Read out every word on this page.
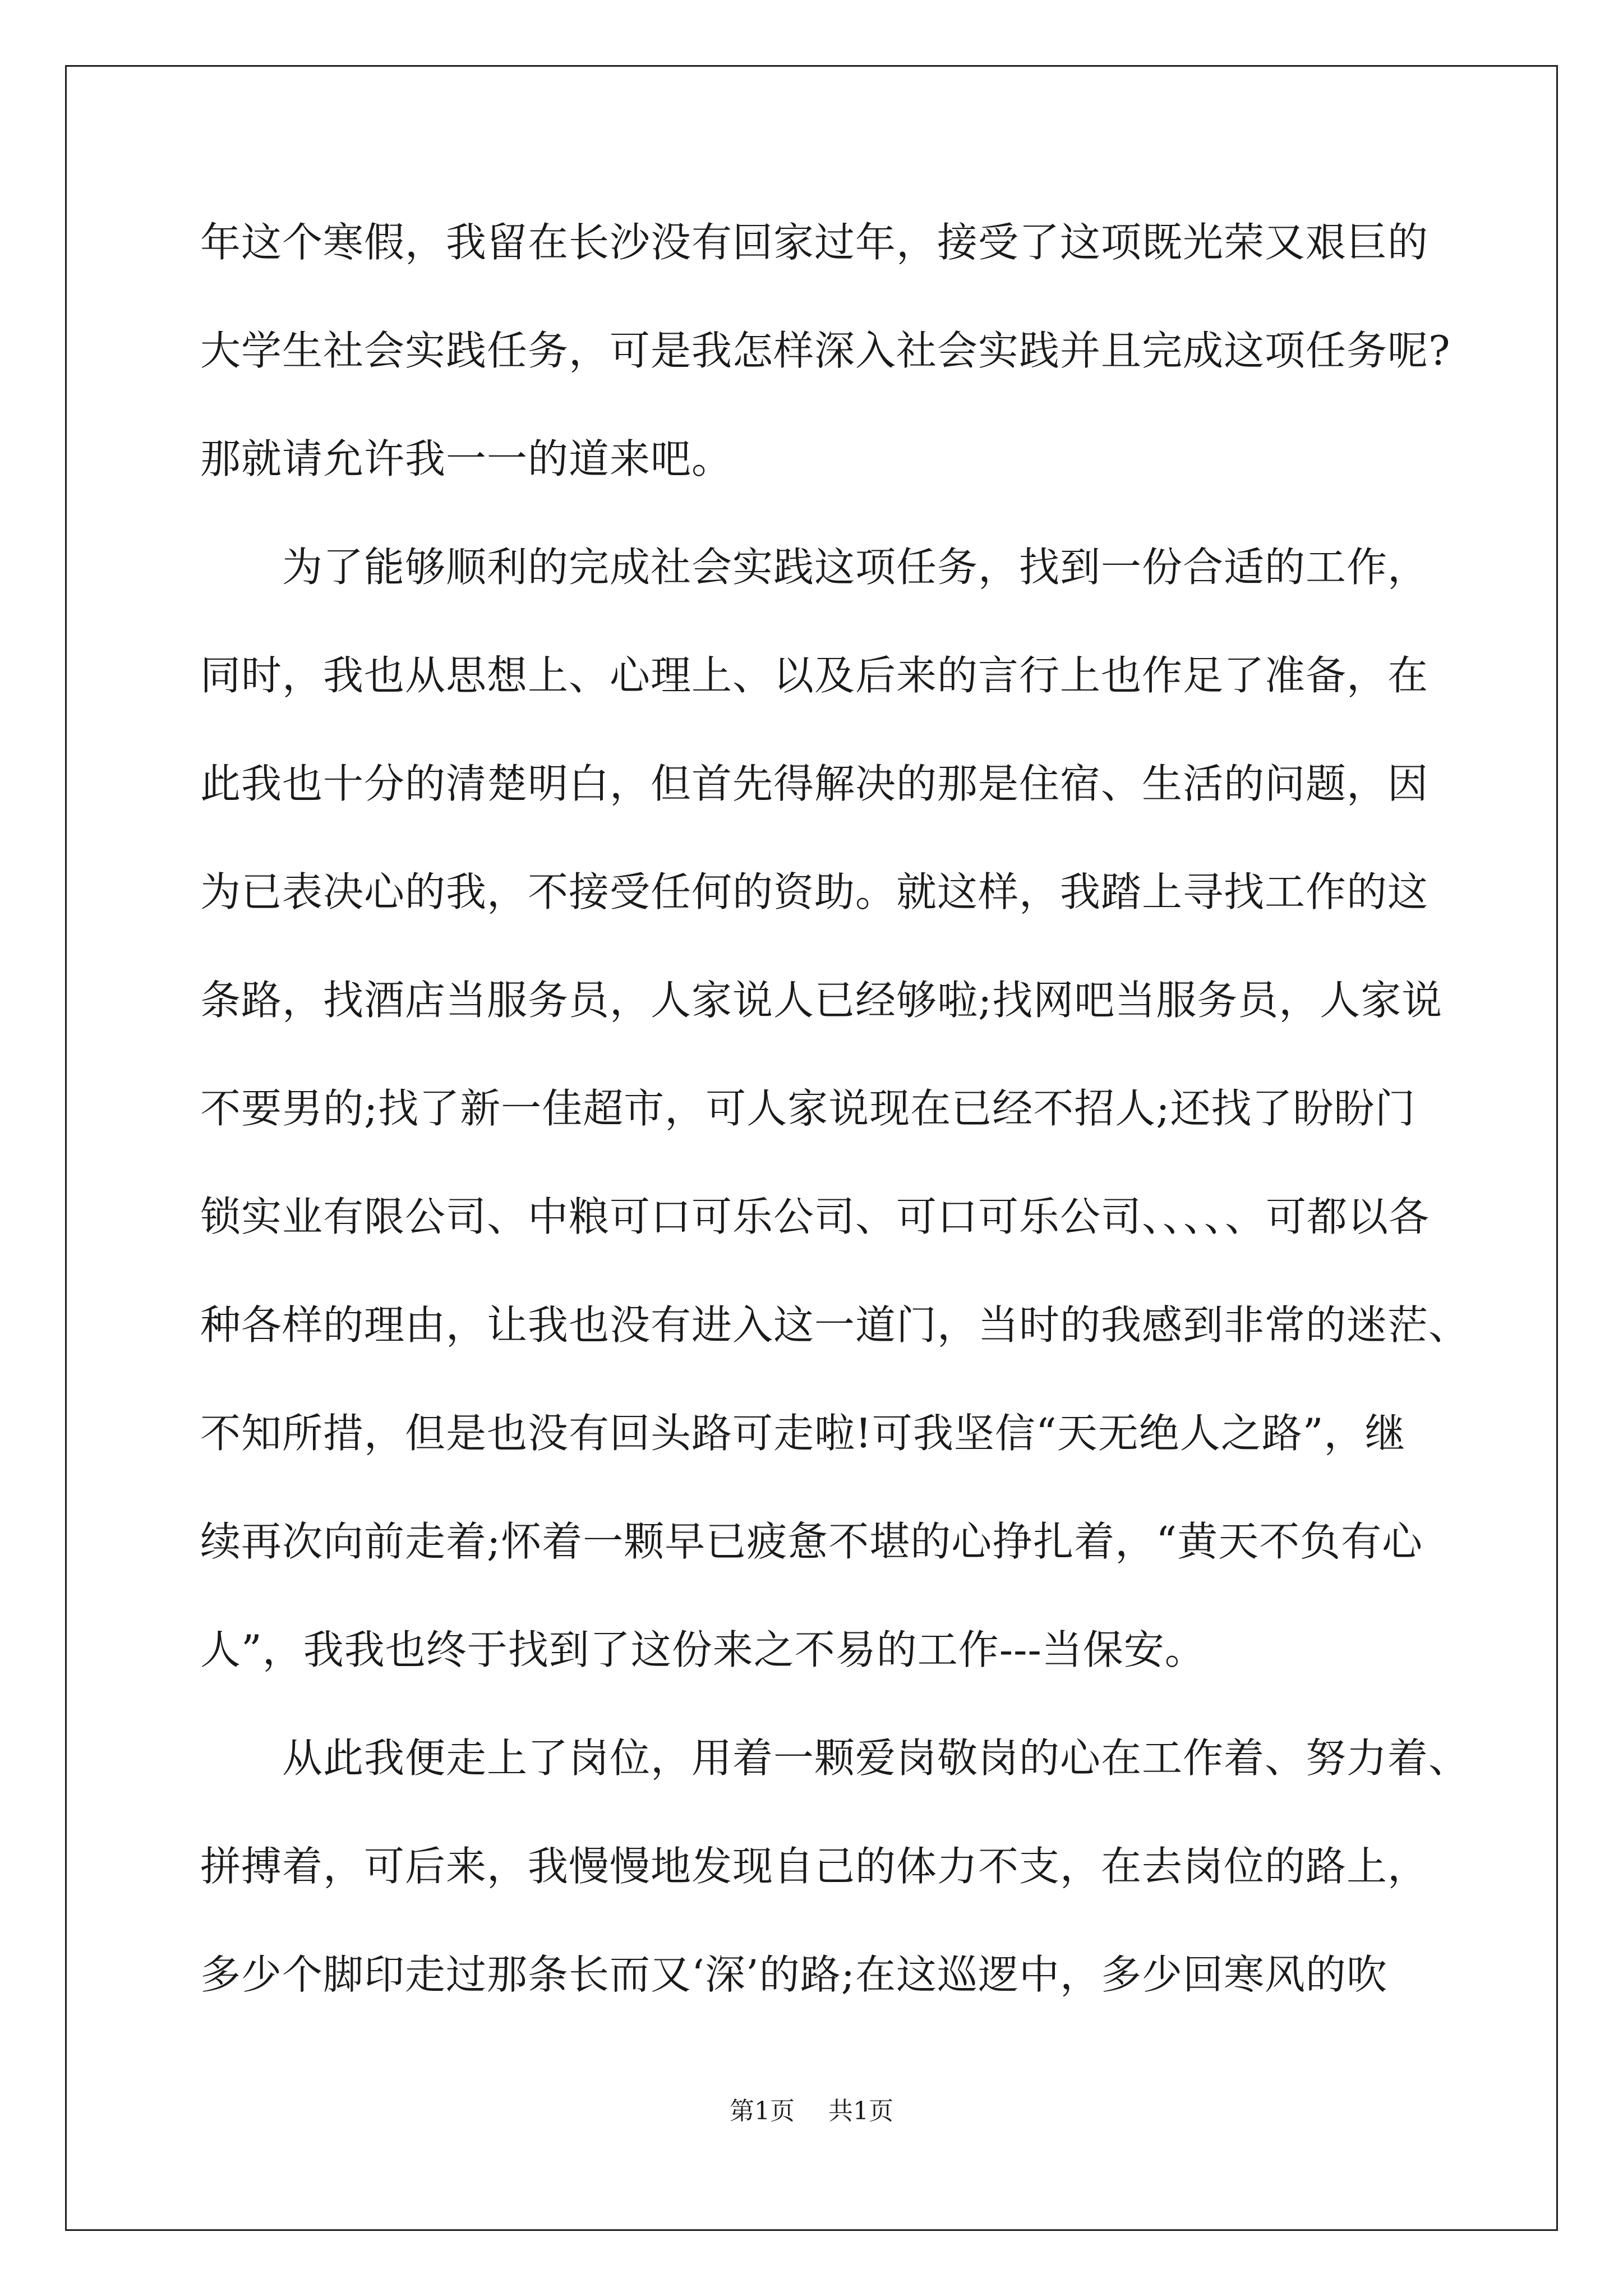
年这个寒假，我留在长沙没有回家过年，接受了这项既光荣又艰巨的
大学生社会实践任务，可是我怎样深入社会实践并且完成这项任务呢?
那就请允许我一一的道来吧。
　　为了能够顺利的完成社会实践这项任务，找到一份合适的工作，
同时，我也从思想上、心理上、以及后来的言行上也作足了准备，在
此我也十分的清楚明白，但首先得解决的那是住宿、生活的问题，因
为已表决心的我，不接受任何的资助。就这样，我踏上寻找工作的这
条路，找酒店当服务员，人家说人已经够啦;找网吧当服务员，人家说
不要男的;找了新一佳超市，可人家说现在已经不招人;还找了盼盼门
锁实业有限公司、中粮可口可乐公司、可口可乐公司、、、、、可都以各
种各样的理由，让我也没有进入这一道门，当时的我感到非常的迷茫、
不知所措，但是也没有回头路可走啦!可我坚信“天无绝人之路”，继
续再次向前走着;怀着一颗早已疲惫不堪的心挣扎着，“黄天不负有心
人”，我我也终于找到了这份来之不易的工作---当保安。
　　从此我便走上了岗位，用着一颗爱岗敬岗的心在工作着、努力着、
拼搏着，可后来，我慢慢地发现自己的体力不支，在去岗位的路上，
多少个脚印走过那条长而又‘深’的路;在这巡逻中，多少回寒风的吹
第1页 共1页
